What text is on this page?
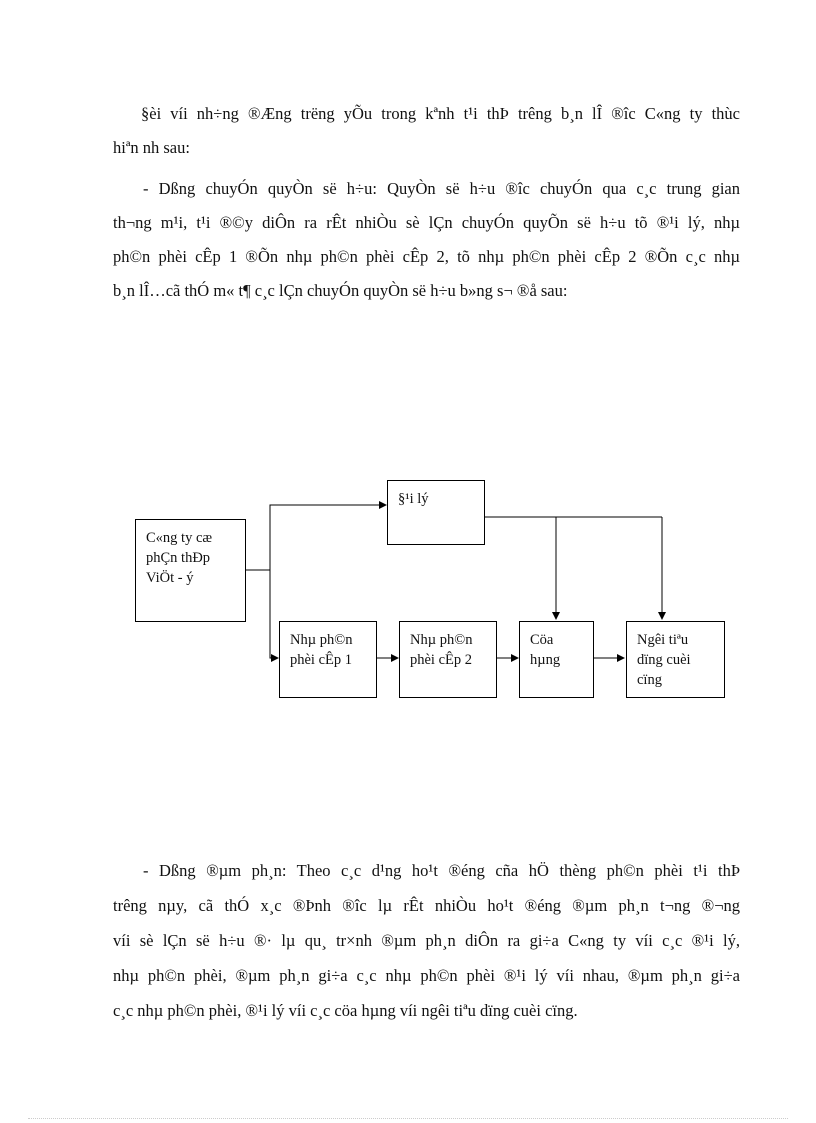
§èi víi nh÷ng ®Æng trëng yÕu trong kªnh t¹i thÞ trêng b¸n lÎ ®îc C«ng ty thùc
hiªn nh sau:
- Dßng chuyÓn quyÒn së h÷u: QuyÒn së h÷u ®îc chuyÓn qua c¸c trung gian
th¬ng m¹i, t¹i ®©y diÔn ra rÊt nhiÒu sè lÇn chuyÓn quyÕn së h÷u tõ ®¹i lý, nhµ
ph©n phèi cÊp 1 ®Õn nhµ ph©n phèi cÊp 2, tõ nhµ ph©n phèi cÊp 2 ®Õn c¸c nhµ
b¸n lÎ…cã thÓ m« t¶ c¸c lÇn chuyÓn quyÒn së h÷u b»ng s¬ ®å sau:
C«ng ty cæ
phÇn thÐp
ViÖt - ý
§¹i lý
Nhµ ph©n
phèi cÊp 1
Nhµ ph©n
phèi cÊp 2
Cöa
hµng
Ngêi tiªu
dïng cuèi
cïng
- Dßng ®µm ph¸n: Theo c¸c d¹ng ho¹t ®éng cña hÖ thèng ph©n phèi t¹i thÞ
trêng nµy, cã thÓ x¸c ®Þnh ®îc lµ rÊt nhiÒu ho¹t ®éng ®µm ph¸n t¬ng ®¬ng
víi sè lÇn së h÷u ®· lµ qu¸ tr×nh ®µm ph¸n diÔn ra gi÷a C«ng ty víi c¸c ®¹i lý,
nhµ ph©n phèi, ®µm ph¸n gi÷a c¸c nhµ ph©n phèi ®¹i lý víi nhau, ®µm ph¸n gi÷a
c¸c nhµ ph©n phèi, ®¹i lý víi c¸c cöa hµng víi ngêi tiªu dïng cuèi cïng.
